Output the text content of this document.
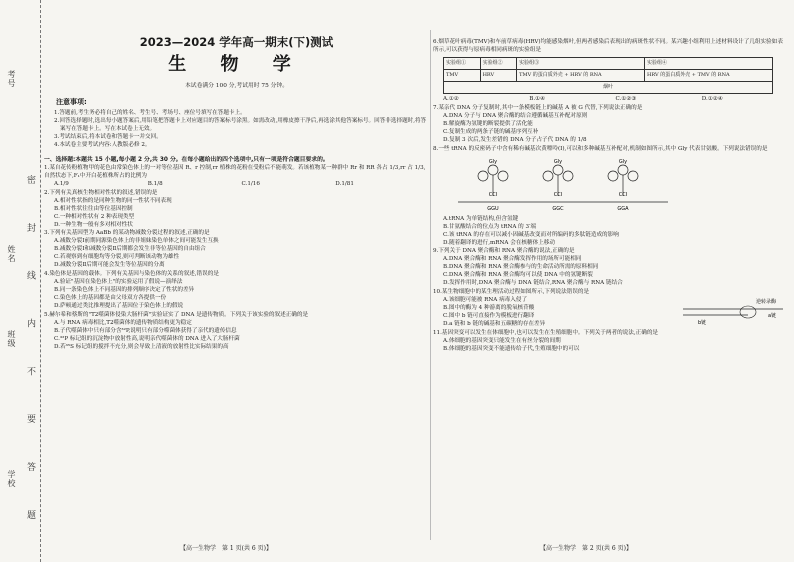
考号
姓名
班级
学校 密 封 线 内 不 要 答 题
2023—2024 学年高一期末(下)测试
生 物 学
本试卷满分 100 分,考试用时 75 分钟。
注意事项:

1.答题前,考生务必将自己的姓名、考生号、考场号、座位号填写在答题卡上。

2.回答选择题时,选出每小题答案后,用铅笔把答题卡上对应题目的答案标号涂黑。如需改动,用橡皮擦干净后,再选涂其他答案标号。回答非选择题时,将答案写在答题卡上。写在本试卷上无效。

3.考试结束后,将本试卷和答题卡一并交回。

4.本试卷主要考试内容:人教版必修 2。

一、选择题:本题共 15 小题,每小题 2 分,共 30 分。在每小题给出的四个选项中,只有一项是符合题目要求的。

1.某自花传粉植物甲的花色由常染色体上的一对等位基因 R、r 控制,rr 植株的花粉在受粉后不能萌发。若该植物某一种群中 Rr 和 RR 各占 1/3,rr 占 1/3,自然状态下,F₁中开白花植株所占的比例为

A.1/9	B.1/8	C.1/16	D.1/81

2.下列有关真核生物相对性状的叙述,错误的是

A.相对性状指的是同种生物的同一性状不同表现

B.相对性状往往由等位基因控制

C.一种相对性状有 2 种表现类型

D.一种生物一般有多对相对性状

3.下列有关基因型为 AaBb 的某动物减数分裂过程的叙述,正确的是

A.减数分裂Ⅰ前期同源染色体上的非姐妹染色单体之间可能发生互换

B.减数分裂Ⅰ和减数分裂Ⅱ后期都会发生非等位基因的自由组合

C.若观察到有细胞均等分裂,则可判断该动物为雄性

D.减数分裂Ⅱ后期可能会发生等位基因的分离

4.染色体是基因的载体。下列有关基因与染色体的关系的叙述,错误的是

A.验证"基因在染色体上"的实验运用了假说—演绎法

B.同一条染色体上不同基因的排列顺序决定了性状的差异

C.染色体上的基因都是由父母双方各提供一份

D.萨顿通过类比推理提出了基因位于染色体上的假说

5.赫尔希和蔡斯的"T2噬菌体侵染大肠杆菌"实验证实了 DNA 是遗传物质。下列关于该实验的叙述正确的是

A.与 RNA 病毒相比,T2噬菌体的遗传物质结构更为稳定

B.子代噬菌体中只有部分含³²P,说明只有部分噬菌体获得了亲代的遗传信息

C.³²P 标记组的沉淀物中放射性高,说明亲代噬菌体的 DNA 进入了大肠杆菌

D.若³⁵S 标记组的搅拌不充分,则会导致上清液的放射性比实际结果的高

【高一生物学　第 1 页(共 6 页)】

6.烟草花叶病毒(TMV)和车前草病毒(HRV)均能感染烟叶,但两者感染后表现出的病斑性状不同。某兴趣小组利用上述材料设计了几组实验如表所示,可以获得与原病毒相同病斑的实验组是

实验组①	实验组②	实验组③	实验组④
TMV	HRV	TMV 的蛋白质外壳 + HRV 的 RNA	HRV 的蛋白质外壳 + TMV 的 RNA
烟叶			
A.①②	B.①④	C.①②③	D.①②④

7.某亲代 DNA 分子复制时,其中一条模板链上的碱基 A 被 G 代替,下列说法正确的是

A.DNA 分子与 DNA 聚合酶的结合遵循碱基互补配对原则

B.解旋酶为氢键的断裂提供了活化能

C.复制生成的两条子链的碱基序列互补

D.复制 3 次后,发生差错的 DNA 分子占子代 DNA 的 1/8

8.一些 tRNA 的反密码子中含有稀有碱基次黄嘌呤(I),可以和多种碱基互补配对,机制如图所示,其中 Gly 代表甘氨酸。下列说法错误的是

Gly	Gly	Gly
CCI	CCI	CCI
GGU	GGC	GGA

A.tRNA 为单链结构,但含氢键

B.甘氨酸结合的位点为 tRNA 的 3′端

C.该 tRNA 的存在可以减小因碱基改变而对所编码的多肽链造成的影响

D.随着翻译的进行,mRNA 会在核糖体上移动

9.下列关于 DNA 聚合酶和 RNA 聚合酶的说法,正确的是

A.DNA 聚合酶和 RNA 聚合酶发挥作用的场所可能相同

B.DNA 聚合酶和 RNA 聚合酶参与的生命活动所需的原料相同

C.DNA 聚合酶和 RNA 聚合酶均可以使 DNA 中的氢键断裂

D.发挥作用时,DNA 聚合酶与 DNA 链结合,RNA 聚合酶与 RNA 链结合

10.某生物细胞中的某生理活动过程如图所示,下列说法错误的是

逆转录酶
a链
b链

A.该细胞可能被 RNA 病毒入侵了

B.图中的酶为 4 种游离的脱氧核苷酸

C.图中 b 链可直接作为模板进行翻译

D.a 链和 b 链的碱基和五碳糖的存在差异

11.基因突变可以发生在体细胞中,也可以发生在生殖细胞中。下列关于两者的说法,正确的是

A.体细胞的基因突变只能发生在有丝分裂的间期

B.体细胞的基因突变不能遗传给子代,生殖细胞中的可以

【高一生物学　第 2 页(共 6 页)】
